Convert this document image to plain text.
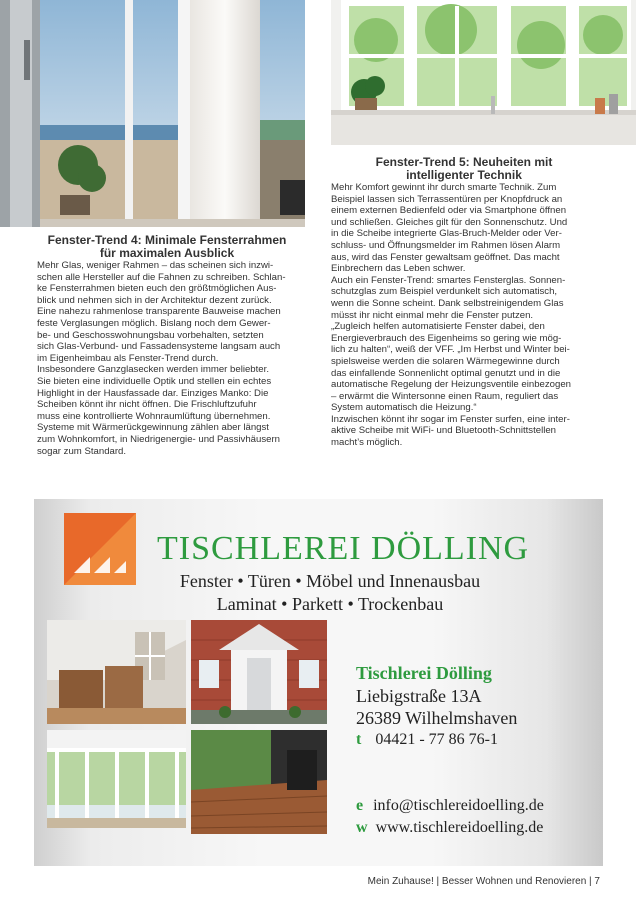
Fenster-Trend 4: Minimale Fensterrahmen
für maximalen Ausblick

Mehr Glas, weniger Rahmen – das scheinen sich inzwi-

schen alle Hersteller auf die Fahnen zu schreiben. Schlan-

ke Fensterrahmen bieten euch den größtmöglichen Aus-

blick und nehmen sich in der Architektur dezent zurück.

Eine nahezu rahmenlose transparente Bauweise machen

feste Verglasungen möglich. Bislang noch dem Gewer-

be- und Geschosswohnungsbau vorbehalten, setzten

sich Glas-Verbund- und Fassadensysteme langsam auch

im Eigenheimbau als Fenster-Trend durch.

Insbesondere Ganzglasecken werden immer beliebter.

Sie bieten eine individuelle Optik und stellen ein echtes

Highlight in der Hausfassade dar. Einziges Manko: Die

Scheiben könnt ihr nicht öffnen. Die Frischluftzufuhr

muss eine kontrollierte Wohnraumlüftung übernehmen.

Systeme mit Wärmerückgewinnung zählen aber längst

zum Wohnkomfort, in Niedrigenergie- und Passivhäusern

sogar zum Standard.

Fenster-Trend 5: Neuheiten mit
intelligenter Technik

Mehr Komfort gewinnt ihr durch smarte Technik. Zum

Beispiel lassen sich Terrassentüren per Knopfdruck an

einem externen Bedienfeld oder via Smartphone öffnen

und schließen. Gleiches gilt für den Sonnenschutz. Und

in die Scheibe integrierte Glas-Bruch-Melder oder Ver-

schluss- und Öffnungsmelder im Rahmen lösen Alarm

aus, wird das Fenster gewaltsam geöffnet. Das macht

Einbrechern das Leben schwer.

Auch ein Fenster-Trend: smartes Fensterglas. Sonnen-

schutzglas zum Beispiel verdunkelt sich automatisch,

wenn die Sonne scheint. Dank selbstreinigendem Glas

müsst ihr nicht einmal mehr die Fenster putzen.

„Zugleich helfen automatisierte Fenster dabei, den

Energieverbrauch des Eigenheims so gering wie mög-

lich zu halten“, weiß der VFF. „Im Herbst und Winter bei-

spielsweise werden die solaren Wärmegewinne durch

das einfallende Sonnenlicht optimal genutzt und in die

automatische Regelung der Heizungsventile einbezogen

– erwärmt die Wintersonne einen Raum, reguliert das

System automatisch die Heizung.“

Inzwischen könnt ihr sogar im Fenster surfen, eine inter-

aktive Scheibe mit WiFi- und Bluetooth-Schnittstellen

macht’s möglich.

TISCHLEREI DÖLLING
Fenster • Türen • Möbel und Innenausbau
Laminat • Parkett • Trockenbau
Tischlerei Dölling
Liebigstraße 13A
26389 Wilhelmshaven
t 04421 - 77 86 76-1
e info@tischlereidoelling.de
w www.tischlereidoelling.de
Mein Zuhause! | Besser Wohnen und Renovieren | 7
